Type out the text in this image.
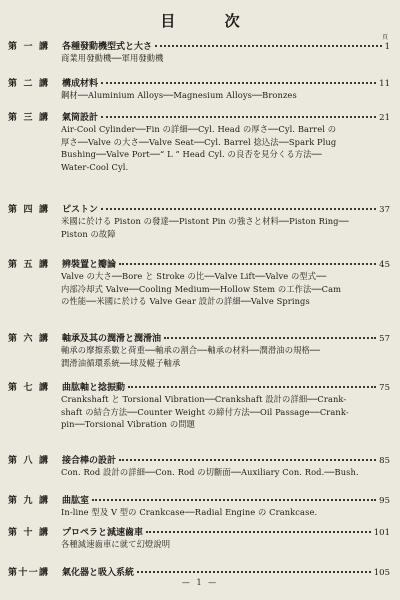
目 次
頁
第一講 各種發動機型式と大さ	1
商業用發動機──軍用發動機
第二講 構成材料	11
鋼材──Aluminium Alloys──Magnesium Alloys──Bronzes
第三講 氣筒設計	21
Air-Cool Cylinder──Fin の詳細──Cyl. Head の厚さ──Cyl. Barrel の
厚さ──Valve の大さ──Valve Seat──Cyl. Barrel 捻込法──Spark Plug
Bushing──Valve Port──“ L ” Head Cyl. の良否を見分くる方法──
Water-Cool Cyl.
第四講 ピストン	37
米國に於ける Piston の發達──Pistont Pin の強さと材料──Piston Ring──
Piston の故障
第五講 辨裝置と瓣論	45
Valve の大さ──Bore と Stroke の比──Valve Lift──Valve の型式──
内部冷却式 Valve──Cooling Medium──Hollow Stem の工作法──Cam
の性能──米國に於ける Valve Gear 設計の詳細──Valve Springs
第六講 軸承及其の潤滑と潤滑油	57
軸承の摩擦系數と荷重──軸承の割合──軸承の材料──潤滑油の規格──
潤滑油循環系統──球及輥子軸承
第七講 曲肱軸と捻振動	75
Crankshaft と Torsional Vibration──Crankshaft 設計の詳細──Crank-
shaft の結合方法──Counter Weight の締付方法──Oil Passage──Crank-
pin──Torsional Vibration の問題
第八講 接合棒の設計	85
Con. Rod 設計の詳細──Con. Rod の切斷面──Auxiliary Con. Rod.──Bush.
第九講 曲肱室	95
In-line 型及 V 型の Crankcase──Radial Engine の Crankcase.
第十講 プロペラと減速齒車	101
各種減速齒車に就て幻燈說明
第十一講 氣化器と吸入系統	105
— 1 —
